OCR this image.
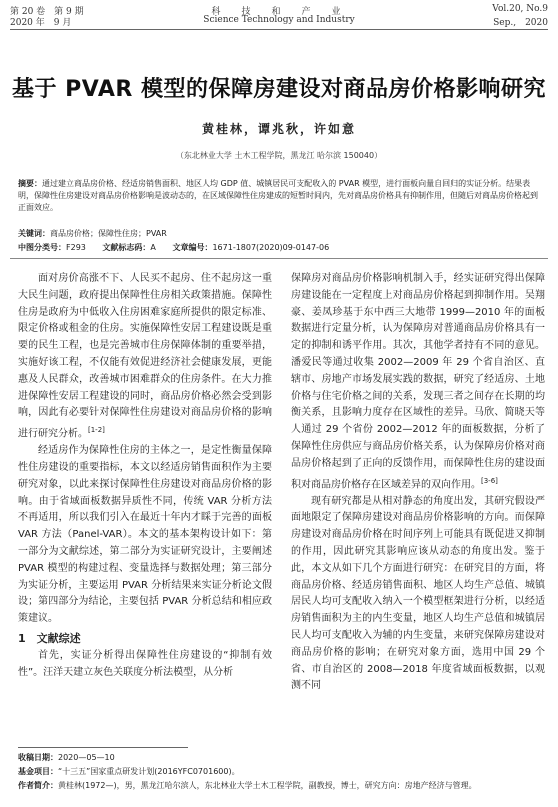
第 20 卷　第 9 期	科　技　和　产　业	Vol.20, No.9
2020 年　9 月	Science Technology and Industry	Sep.,　2020
基于 PVAR 模型的保障房建设对商品房价格影响研究
黄桂林，谭兆秋，许如意
（东北林业大学 土木工程学院，黑龙江 哈尔滨 150040）
摘要：通过建立商品房价格、经适房销售面积、地区人均 GDP 值、城镇居民可支配收入的 PVAR 模型，进行面板向量自回归的实证分析。结果表明，保障性住房建设对商品房价格影响是波动态的，在区域保障性住房建成的短暂时间内，先对商品房价格具有抑制作用，但随后对商品房价格起到正面效应。
关键词：商品房价格；保障性住房；PVAR
中图分类号：F293 文献标志码：A 文章编号：1671-1807(2020)09-0147-06

面对房价高涨不下、人民买不起房、住不起房这一重大民生问题，政府提出保障性住房相关政策措施。保障性住房是政府为中低收入住房困难家庭所提供的限定标准、限定价格或租金的住房。实施保障性安居工程建设既是重要的民生工程，也是完善城市住房保障体制的重要举措，实施好该工程，不仅能有效促进经济社会健康发展，更能惠及人民群众，改善城市困难群众的住房条件。在大力推进保障性安居工程建设的同时，商品房价格必然会受到影响，因此有必要针对保障性住房建设对商品房价格的影响进行研究分析。[1-2]

经适房作为保障性住房的主体之一，是定性衡量保障性住房建设的重要指标，本文以经适房销售面积作为主要研究对象，以此来探讨保障性住房建设对商品房价格的影响。由于省域面板数据异质性不同，传统 VAR 分析方法不再适用，所以我们引入在最近十年内才睬于完善的面板 VAR 方法（Panel-VAR）。本文的基本架构设计如下：第一部分为文献综述，第二部分为实证研究设计，主要阐述 PVAR 模型的构建过程、变量选择与数据处理；第三部分为实证分析，主要运用 PVAR 分析结果来实证分析论文假设；第四部分为结论，主要包括 PVAR 分析总结和相应政策建议。

1　文献综述

首先，实证分析得出保障性住房建设的“抑制有效性”。汪洋天建立灰色关联度分析法模型，从分析

保障房对商品房价格影响机制入手，经实证研究得出保障房建设能在一定程度上对商品房价格起到抑制作用。吴翔豪、姜凤珍基于东中西三大地带 1999—2010 年的面板数据进行定量分析，认为保障房对普通商品房价格具有一定的抑制和诱平作用。其次，其他学者持有不同的意见。潘爱民等通过收集 2002—2009 年 29 个省自治区、直辖市、房地产市场发展实践的数据，研究了经适房、土地价格与住宅价格之间的关系，发现三者之间存在长期的均衡关系，且影响力度存在区域性的差异。马欣、简晓天等人通过 29 个省份 2002—2012 年的面板数据，分析了保障性住房供应与商品房价格关系，认为保障房价格对商品房价格起到了正向的反馈作用，而保障性住房的建设面积对商品房价格存在区域差异的双向作用。[3-6]

现有研究都是从相对静态的角度出发，其研究假设严面地限定了保障房建设对商品房价格影响的方向。而保障房建设对商品房价格在时间序列上可能具有既促进又抑制的作用，因此研究其影响应该从动态的角度出发。鉴于此，本文从如下几个方面进行研究：在研究目的方面，将商品房价格、经适房销售面积、地区人均生产总值、城镇居民人均可支配收入纳入一个模型框架进行分析，以经适房销售面积为主的内生变量，地区人均生产总值和城镇居民人均可支配收入为辅的内生变量，来研究保障房建设对商品房价格的影响；在研究对象方面，选用中国 29 个省、市自治区的 2008—2018 年度省域面板数据，以观测不同

收稿日期：2020—05—10
基金项目：“十三五”国家重点研发计划(2016YFC0701600)。
作者简介：黄桂林(1972—)，男，黑龙江哈尔滨人，东北林业大学土木工程学院，副教授，博士，研究方向：房地产经济与管理。
